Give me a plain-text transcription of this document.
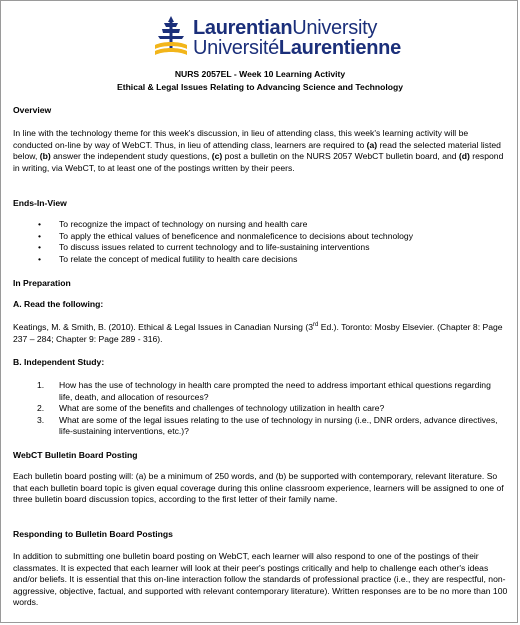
LaurentianUniversity
UniversitéLaurentienne
NURS 2057EL - Week 10 Learning Activity
Ethical & Legal Issues Relating to Advancing Science and Technology
Overview
In line with the technology theme for this week's discussion, in lieu of attending class, this week's learning activity will be conducted on-line by way of WebCT. Thus, in lieu of attending class, learners are required to (a) read the selected material listed below, (b) answer the independent study questions, (c) post a bulletin on the NURS 2057 WebCT bulletin board, and (d) respond in writing, via WebCT, to at least one of the postings written by their peers.
Ends-In-View
• To recognize the impact of technology on nursing and health care
• To apply the ethical values of beneficence and nonmaleficence to decisions about technology
• To discuss issues related to current technology and to life-sustaining interventions
• To relate the concept of medical futility to health care decisions
In Preparation
A. Read the following:
Keatings, M. & Smith, B. (2010). Ethical & Legal Issues in Canadian Nursing (3rd Ed.). Toronto: Mosby Elsevier. (Chapter 8: Page 237 – 284; Chapter 9: Page 289 - 316).
B. Independent Study:
1. How has the use of technology in health care prompted the need to address important ethical questions regarding life, death, and allocation of resources?
2. What are some of the benefits and challenges of technology utilization in health care?
3. What are some of the legal issues relating to the use of technology in nursing (i.e., DNR orders, advance directives, life-sustaining interventions, etc.)?
WebCT Bulletin Board Posting
Each bulletin board posting will: (a) be a minimum of 250 words, and (b) be supported with contemporary, relevant literature. So that each bulletin board topic is given equal coverage during this online classroom experience, learners will be assigned to one of three bulletin board discussion topics, according to the first letter of their family name.
Responding to Bulletin Board Postings
In addition to submitting one bulletin board posting on WebCT, each learner will also respond to one of the postings of their classmates. It is expected that each learner will look at their peer's postings critically and help to challenge each other's ideas and/or beliefs. It is essential that this on-line interaction follow the standards of professional practice (i.e., they are respectful, non-aggressive, objective, factual, and supported with relevant contemporary literature). Written responses are to be no more than 100 words.
